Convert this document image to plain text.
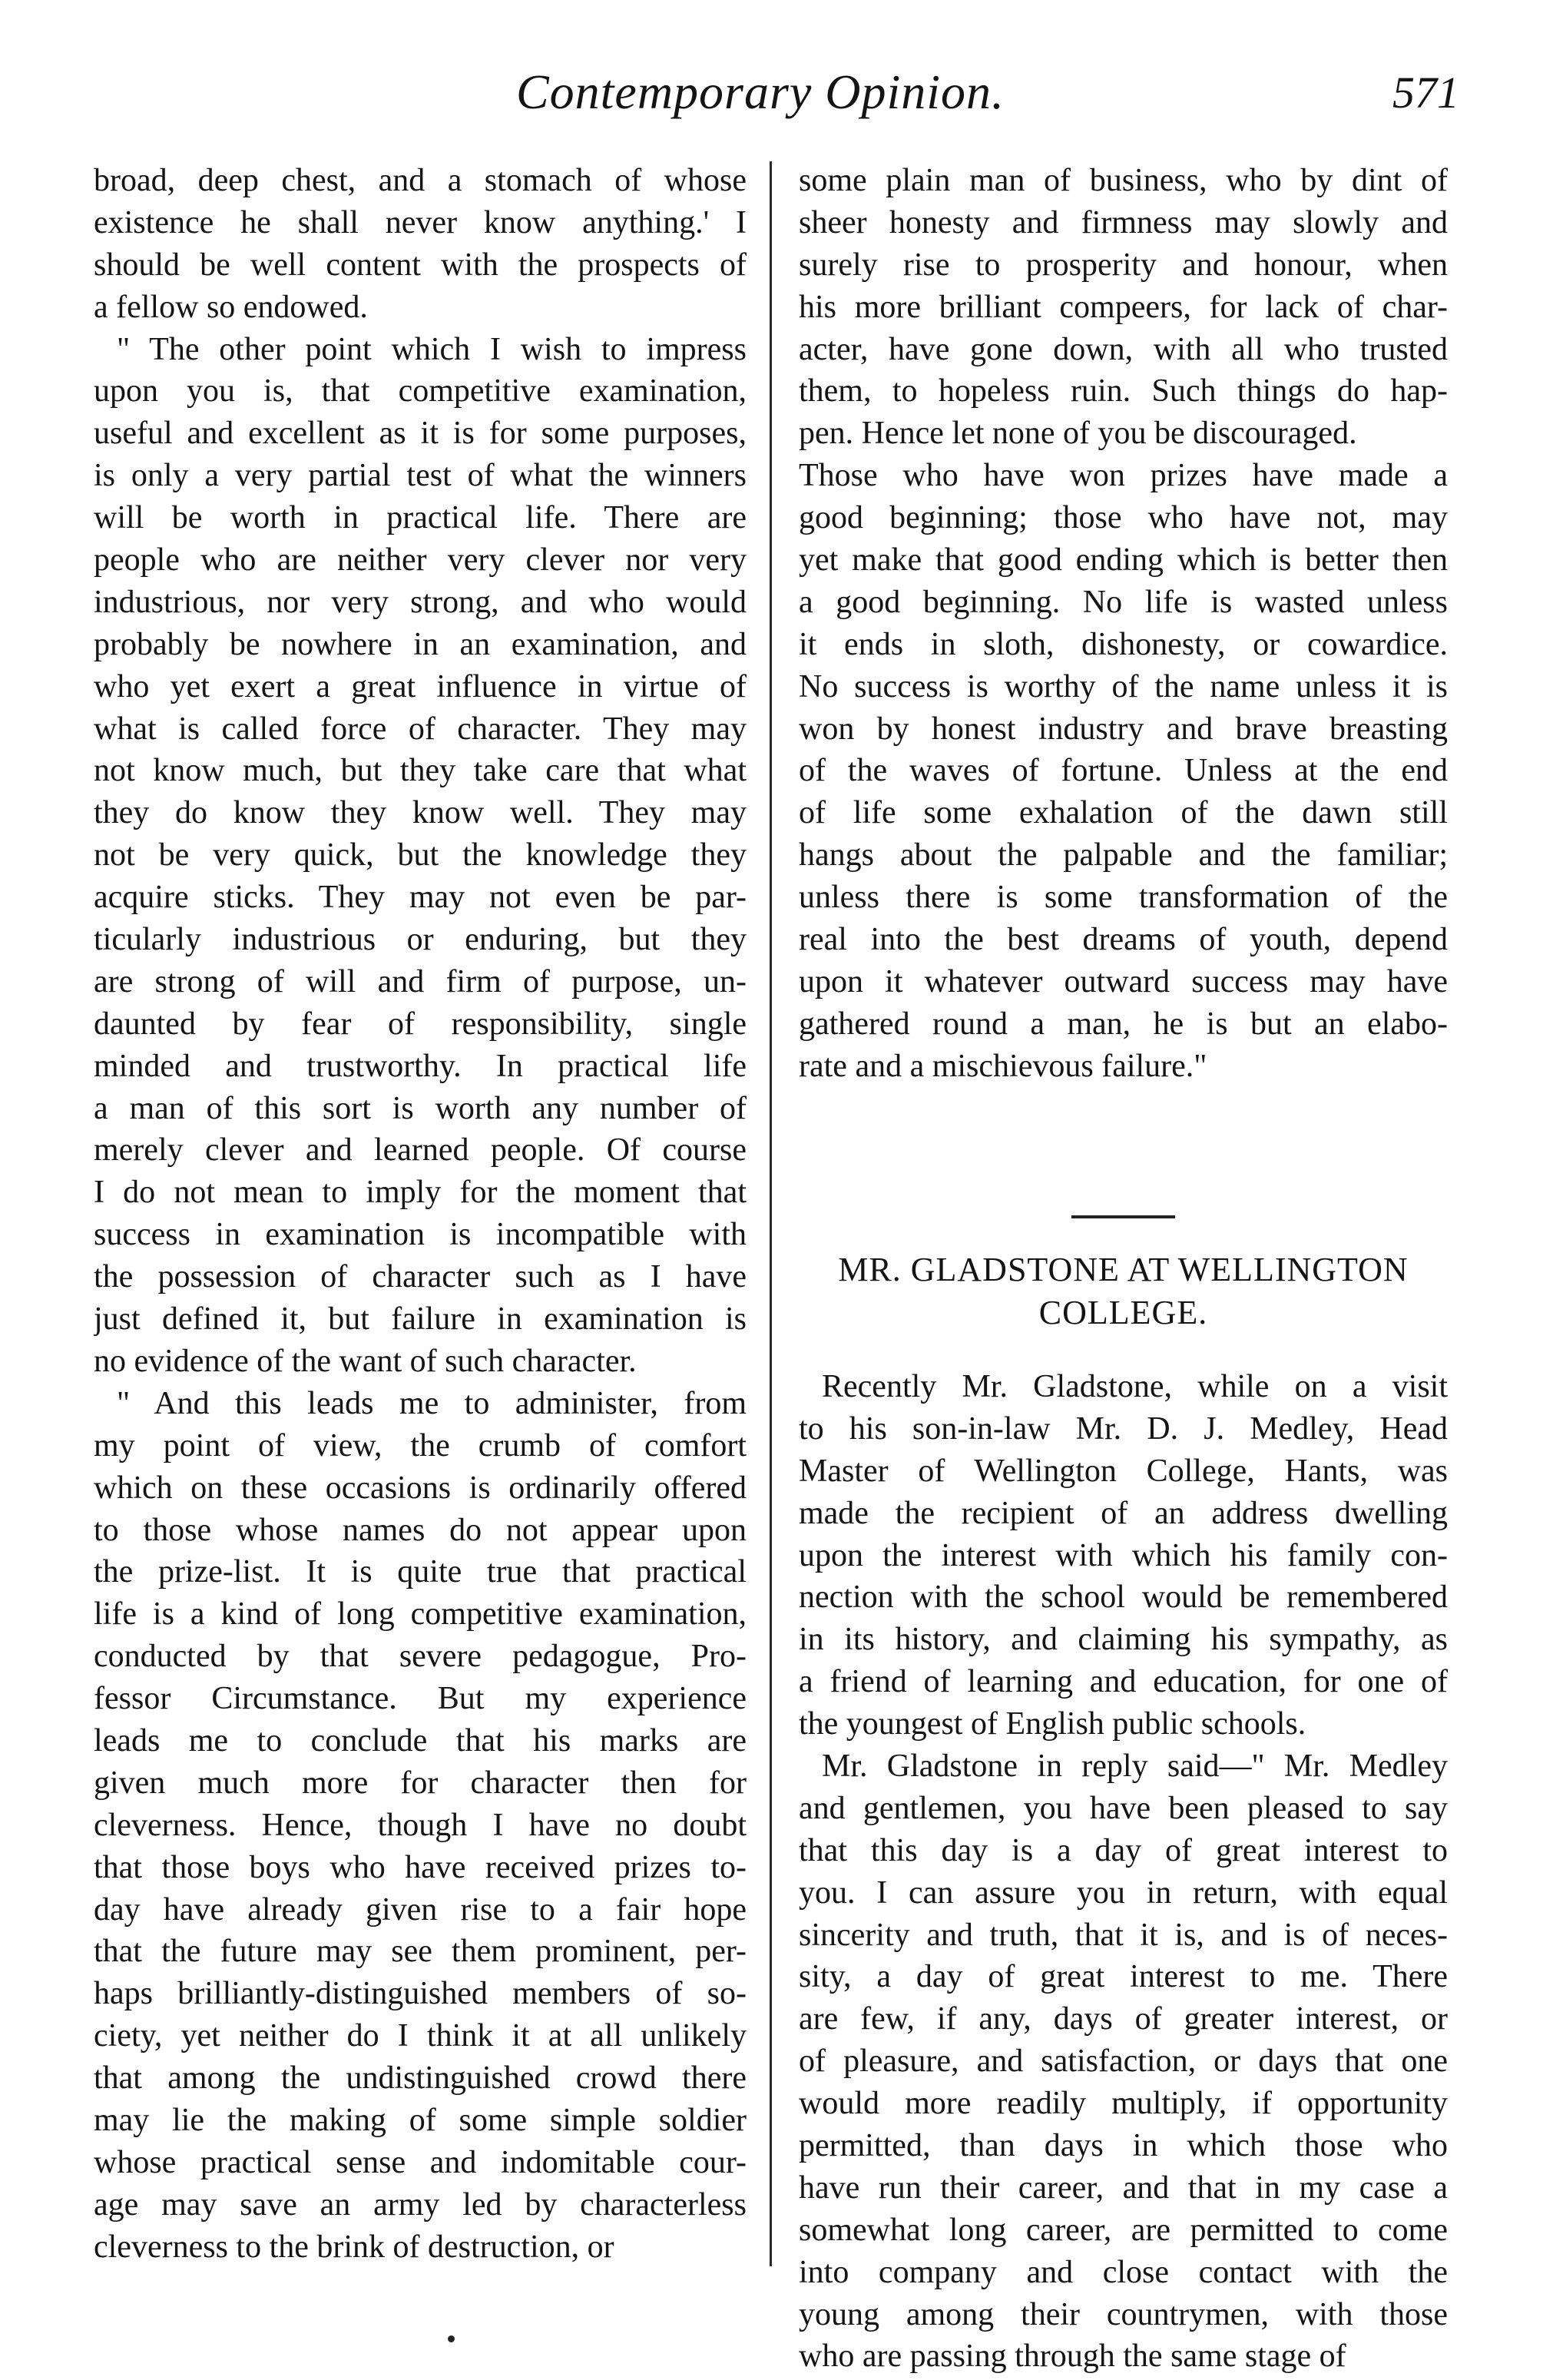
Contemporary Opinion.	571
broad, deep chest, and a stomach of whose
existence he shall never know anything.' I
should be well content with the prospects of
a fellow so endowed.
" The other point which I wish to impress
upon you is, that competitive examination,
useful and excellent as it is for some purposes,
is only a very partial test of what the winners
will be worth in practical life. There are
people who are neither very clever nor very
industrious, nor very strong, and who would
probably be nowhere in an examination, and
who yet exert a great influence in virtue of
what is called force of character. They may
not know much, but they take care that what
they do know they know well. They may
not be very quick, but the knowledge they
acquire sticks. They may not even be par-
ticularly industrious or enduring, but they
are strong of will and firm of purpose, un-
daunted by fear of responsibility, single
minded and trustworthy. In practical life
a man of this sort is worth any number of
merely clever and learned people. Of course
I do not mean to imply for the moment that
success in examination is incompatible with
the possession of character such as I have
just defined it, but failure in examination is
no evidence of the want of such character.
" And this leads me to administer, from
my point of view, the crumb of comfort
which on these occasions is ordinarily offered
to those whose names do not appear upon
the prize-list. It is quite true that practical
life is a kind of long competitive examination,
conducted by that severe pedagogue, Pro-
fessor Circumstance. But my experience
leads me to conclude that his marks are
given much more for character then for
cleverness. Hence, though I have no doubt
that those boys who have received prizes to-
day have already given rise to a fair hope
that the future may see them prominent, per-
haps brilliantly-distinguished members of so-
ciety, yet neither do I think it at all unlikely
that among the undistinguished crowd there
may lie the making of some simple soldier
whose practical sense and indomitable cour-
age may save an army led by characterless
cleverness to the brink of destruction, or
some plain man of business, who by dint of
sheer honesty and firmness may slowly and
surely rise to prosperity and honour, when
his more brilliant compeers, for lack of char-
acter, have gone down, with all who trusted
them, to hopeless ruin. Such things do hap-
pen. Hence let none of you be discouraged.
Those who have won prizes have made a
good beginning; those who have not, may
yet make that good ending which is better then
a good beginning. No life is wasted unless
it ends in sloth, dishonesty, or cowardice.
No success is worthy of the name unless it is
won by honest industry and brave breasting
of the waves of fortune. Unless at the end
of life some exhalation of the dawn still
hangs about the palpable and the familiar;
unless there is some transformation of the
real into the best dreams of youth, depend
upon it whatever outward success may have
gathered round a man, he is but an elabo-
rate and a mischievous failure."
MR. GLADSTONE AT WELLINGTON
COLLEGE.
Recently Mr. Gladstone, while on a visit
to his son-in-law Mr. D. J. Medley, Head
Master of Wellington College, Hants, was
made the recipient of an address dwelling
upon the interest with which his family con-
nection with the school would be remembered
in its history, and claiming his sympathy, as
a friend of learning and education, for one of
the youngest of English public schools.
Mr. Gladstone in reply said—" Mr. Medley
and gentlemen, you have been pleased to say
that this day is a day of great interest to
you. I can assure you in return, with equal
sincerity and truth, that it is, and is of neces-
sity, a day of great interest to me. There
are few, if any, days of greater interest, or
of pleasure, and satisfaction, or days that one
would more readily multiply, if opportunity
permitted, than days in which those who
have run their career, and that in my case a
somewhat long career, are permitted to come
into company and close contact with the
young among their countrymen, with those
who are passing through the same stage of
